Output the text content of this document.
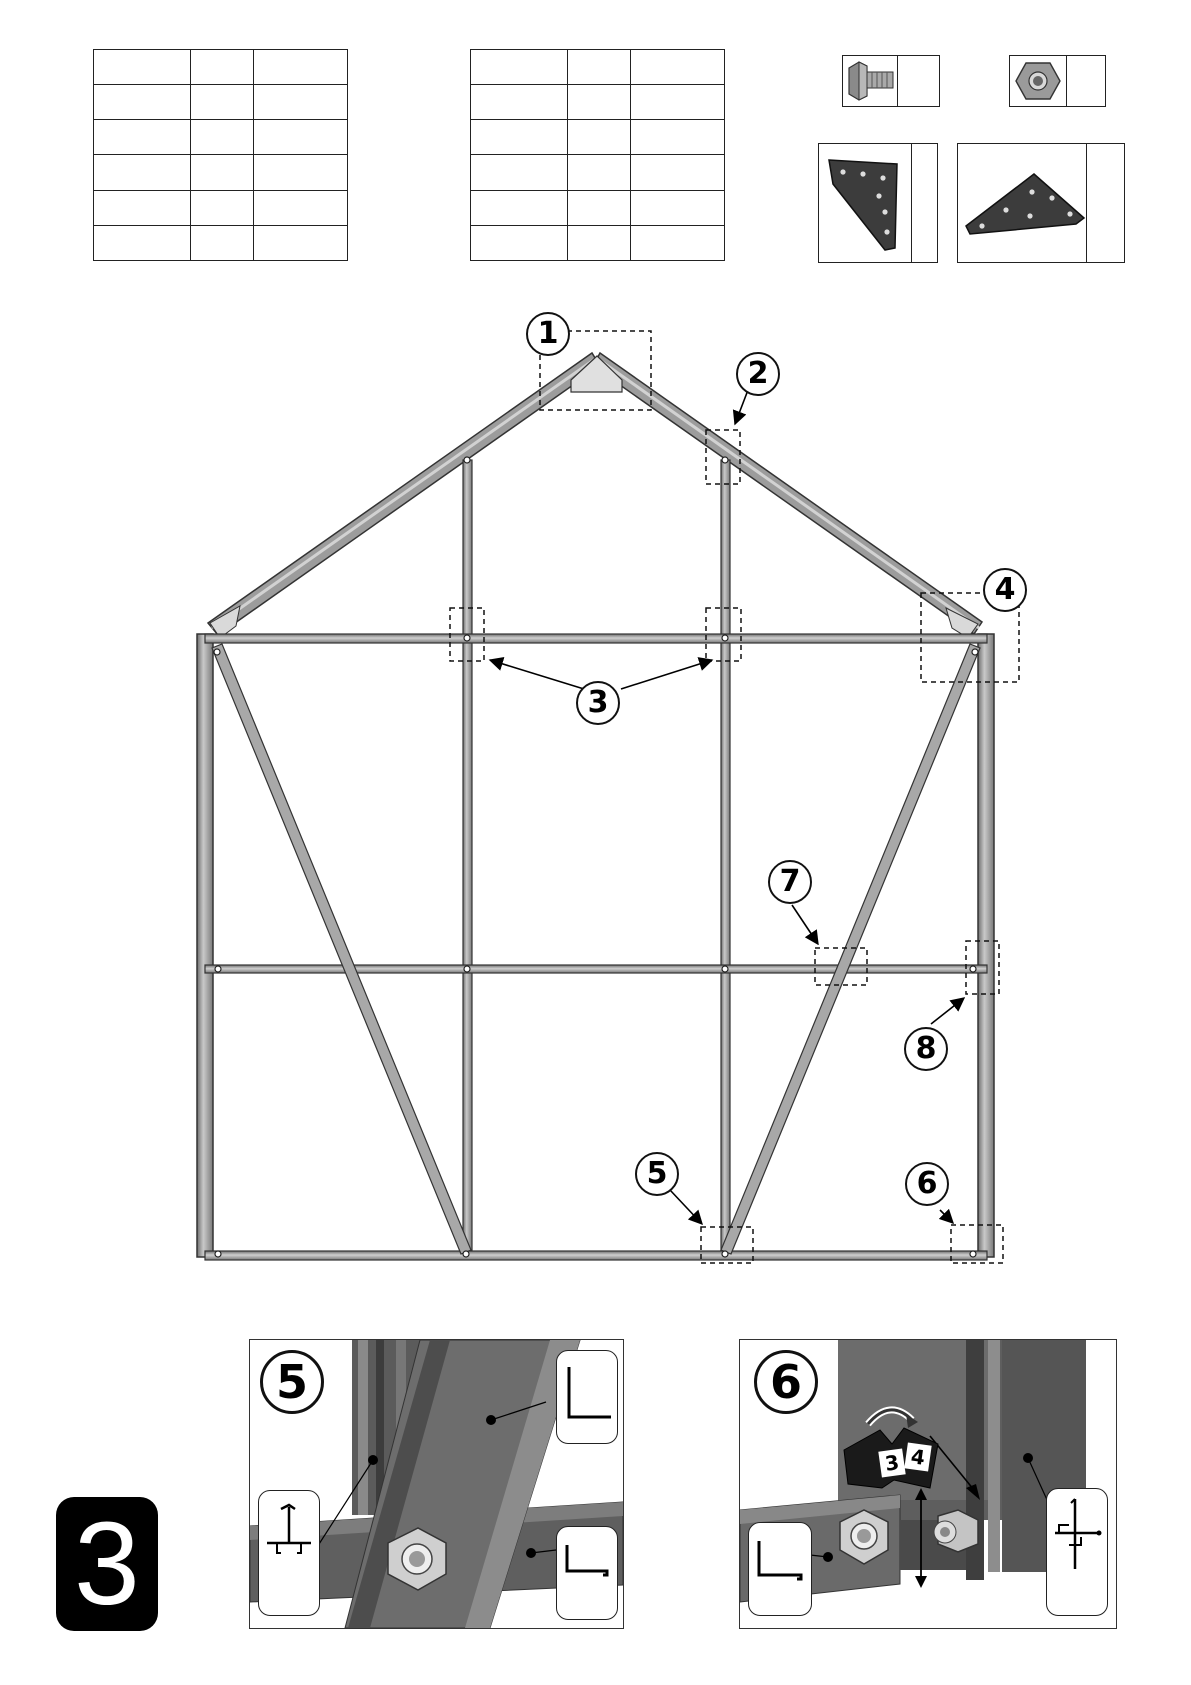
1
2
3
4
5	6
7
8
5
3 4
6
3
